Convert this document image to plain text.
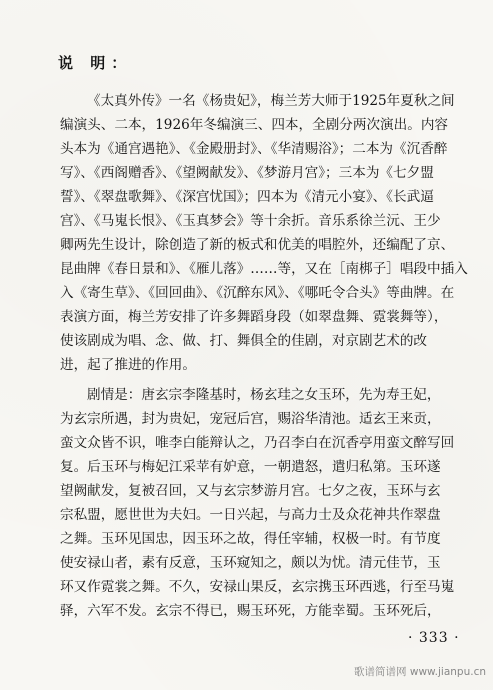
说 明：
《太真外传》一名《杨贵妃》，梅兰芳大师于1925年夏秋之间
编演头、二本，1926年冬编演三、四本，全剧分两次演出。内容
头本为《通宫遇艳》、《金殿册封》、《华清赐浴》；二本为《沉香醉
写》、《西阁赠香》、《望阙献发》、《梦游月宫》；三本为《七夕盟
誓》、《翠盘歌舞》、《深宫忧国》；四本为《清元小宴》、《长武逼
宫》、《马嵬长恨》、《玉真梦会》等十余折。音乐系徐兰沅、王少
卿两先生设计，除创造了新的板式和优美的唱腔外，还编配了京、
昆曲牌《春日景和》、《雁儿落》……等，又在［南梆子］唱段中插入
入《寄生草》、《回回曲》、《沉醉东风》、《哪吒令合头》等曲牌。在
表演方面，梅兰芳安排了许多舞蹈身段（如翠盘舞、霓裳舞等），
使该剧成为唱、念、做、打、舞俱全的佳剧，对京剧艺术的改
进，起了推进的作用。
剧情是：唐玄宗李隆基时，杨玄珪之女玉环，先为寿王妃，
为玄宗所遇，封为贵妃，宠冠后宫，赐浴华清池。适玄王来贡，
蛮文众皆不识，唯李白能辩认之，乃召李白在沉香亭用蛮文醉写回
复。后玉环与梅妃江采苹有妒意，一朝遣怒，遣归私第。玉环遂
望阙献发，复被召回，又与玄宗梦游月宫。七夕之夜，玉环与玄
宗私盟，愿世世为夫妇。一日兴起，与高力士及众花神共作翠盘
之舞。玉环见国忠，因玉环之故，得任宰辅，权极一时。有节度
使安禄山者，素有反意，玉环窥知之，颇以为忧。清元佳节，玉
环又作霓裳之舞。不久，安禄山果反，玄宗携玉环西逃，行至马嵬
驿，六军不发。玄宗不得已，赐玉环死，方能幸蜀。玉环死后，
· 333 ·
歌谱简谱网 www.jianpu.cn
